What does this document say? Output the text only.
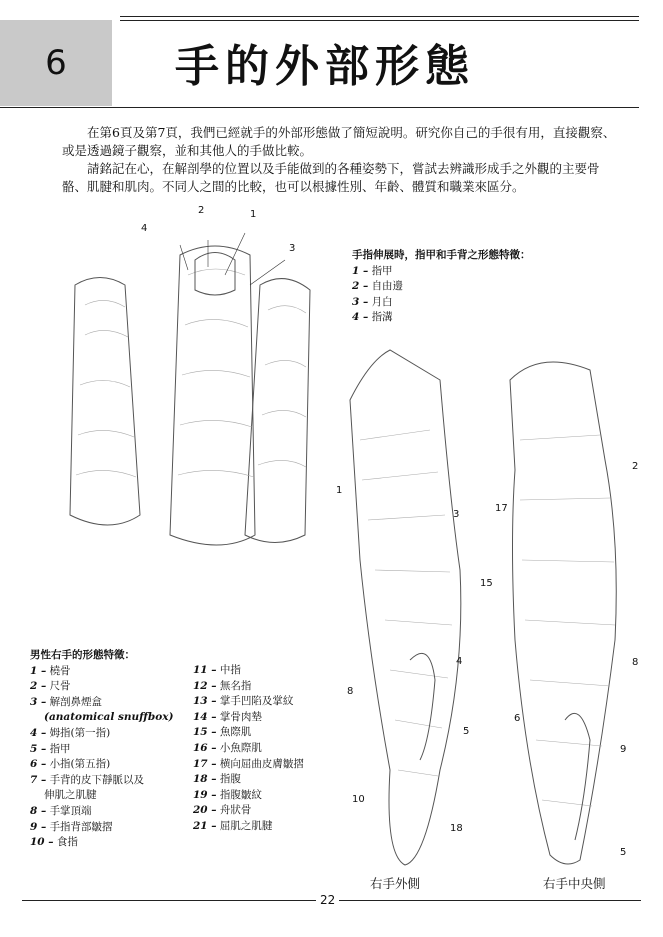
6	手的外部形態

在第6頁及第7頁，我們已經就手的外部形態做了簡短說明。研究你自己的手很有用，直接觀察、或是透過鏡子觀察，並和其他人的手做比較。

請銘記在心，在解剖學的位置以及手能做到的各種姿勢下，嘗試去辨識形成手之外觀的主要骨骼、肌腱和肌肉。不同人之間的比較，也可以根據性別、年齡、體質和職業來區分。

2	1
4
3
手指伸展時，指甲和手背之形態特徵：
1 – 指甲
2 – 自由邊
3 – 月白
4 – 指溝
1
3
15
4
8
5
10
18
2
17
8
6
9
5
男性右手的形態特徵：
1 – 橈骨
2 – 尺骨
3 – 解剖鼻煙盒
(anatomical snuffbox)
4 – 姆指(第一指)
5 – 指甲
6 – 小指(第五指)
7 – 手背的皮下靜脈以及
伸肌之肌腱
8 – 手掌頂端
9 – 手指背部皺摺
10 – 食指
11 – 中指
12 – 無名指
13 – 掌手凹陷及掌紋
14 – 掌骨肉墊
15 – 魚際肌
16 – 小魚際肌
17 – 横向屈曲皮膚皺摺
18 – 指腹
19 – 指腹皺紋
20 – 舟狀骨
21 – 屈肌之肌腱
右手外側	右手中央側
22
